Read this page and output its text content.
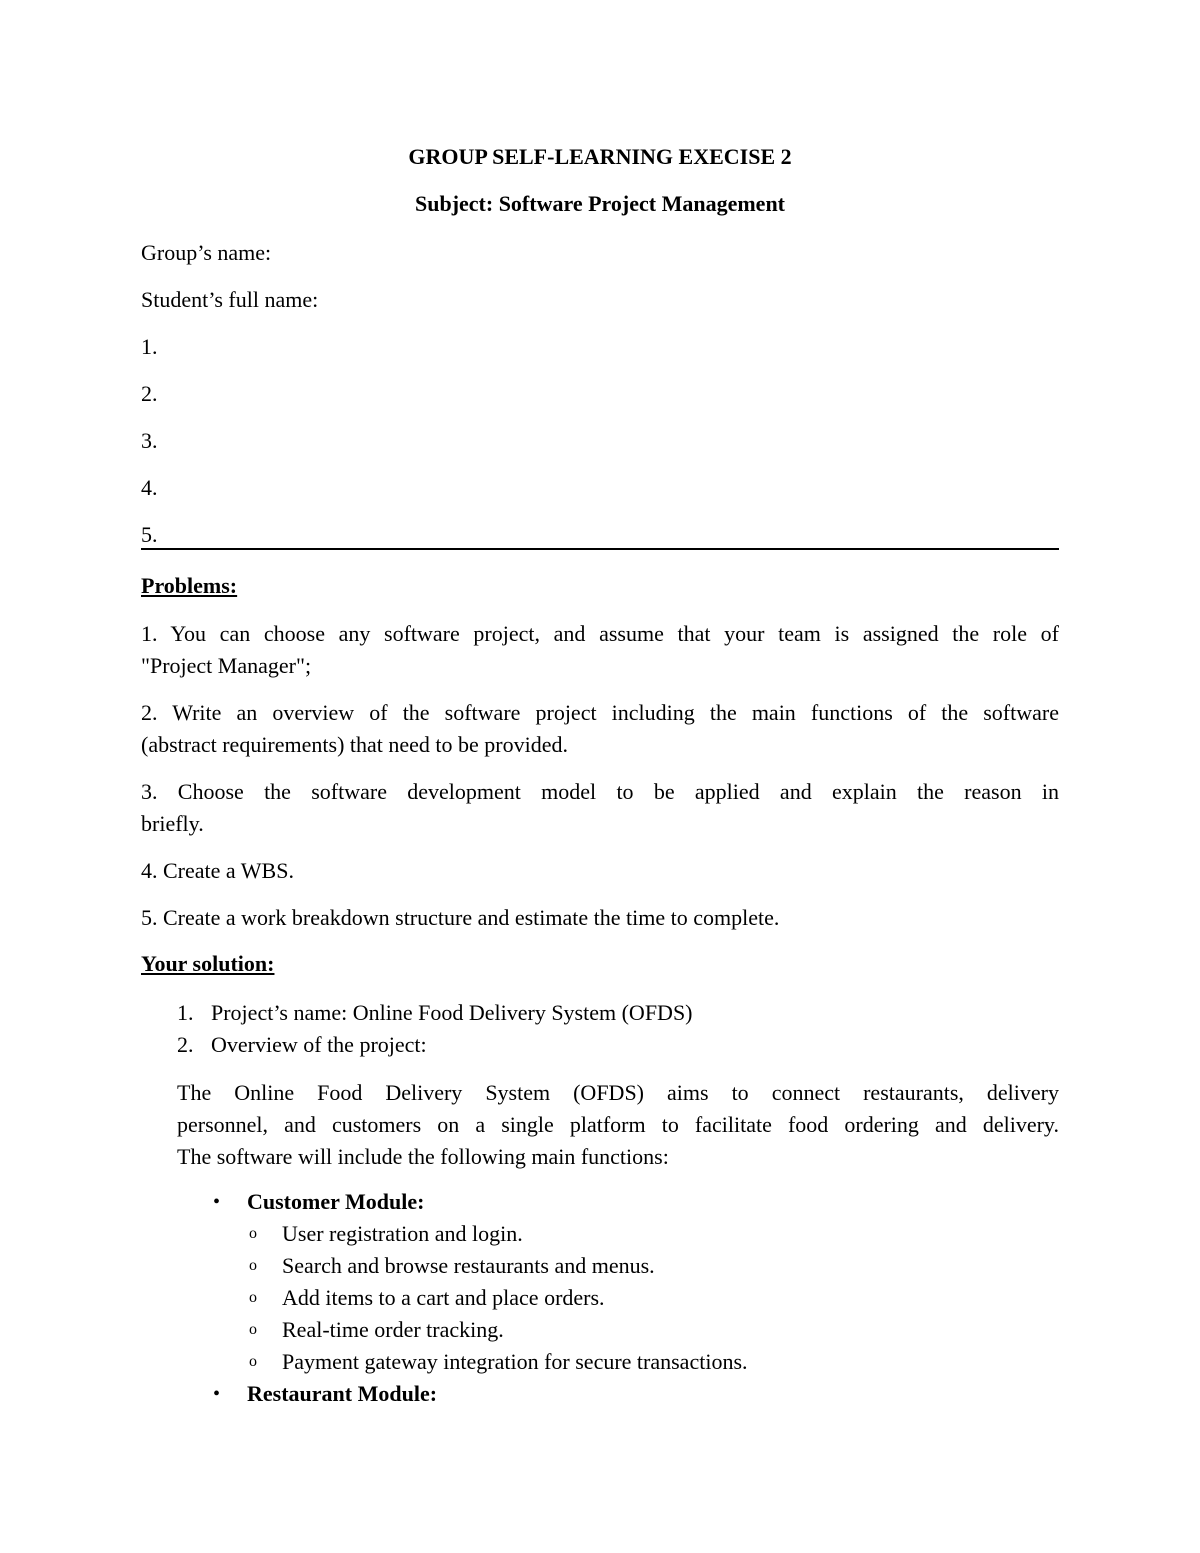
GROUP SELF-LEARNING EXECISE 2
Subject: Software Project Management
Group’s name:
Student’s full name:
1.
2.
3.
4.
5.
Problems:
1. You can choose any software project, and assume that your team is assigned the role of
"Project Manager";
2. Write an overview of the software project including the main functions of the software
(abstract requirements) that need to be provided.
3. Choose the software development model to be applied and explain the reason in
briefly.
4. Create a WBS.
5. Create a work breakdown structure and estimate the time to complete.
Your solution:
1. Project’s name: Online Food Delivery System (OFDS)
2. Overview of the project:
The Online Food Delivery System (OFDS) aims to connect restaurants, delivery
personnel, and customers on a single platform to facilitate food ordering and delivery.
The software will include the following main functions:
• Customer Module:
o User registration and login.
o Search and browse restaurants and menus.
o Add items to a cart and place orders.
o Real-time order tracking.
o Payment gateway integration for secure transactions.
• Restaurant Module:
